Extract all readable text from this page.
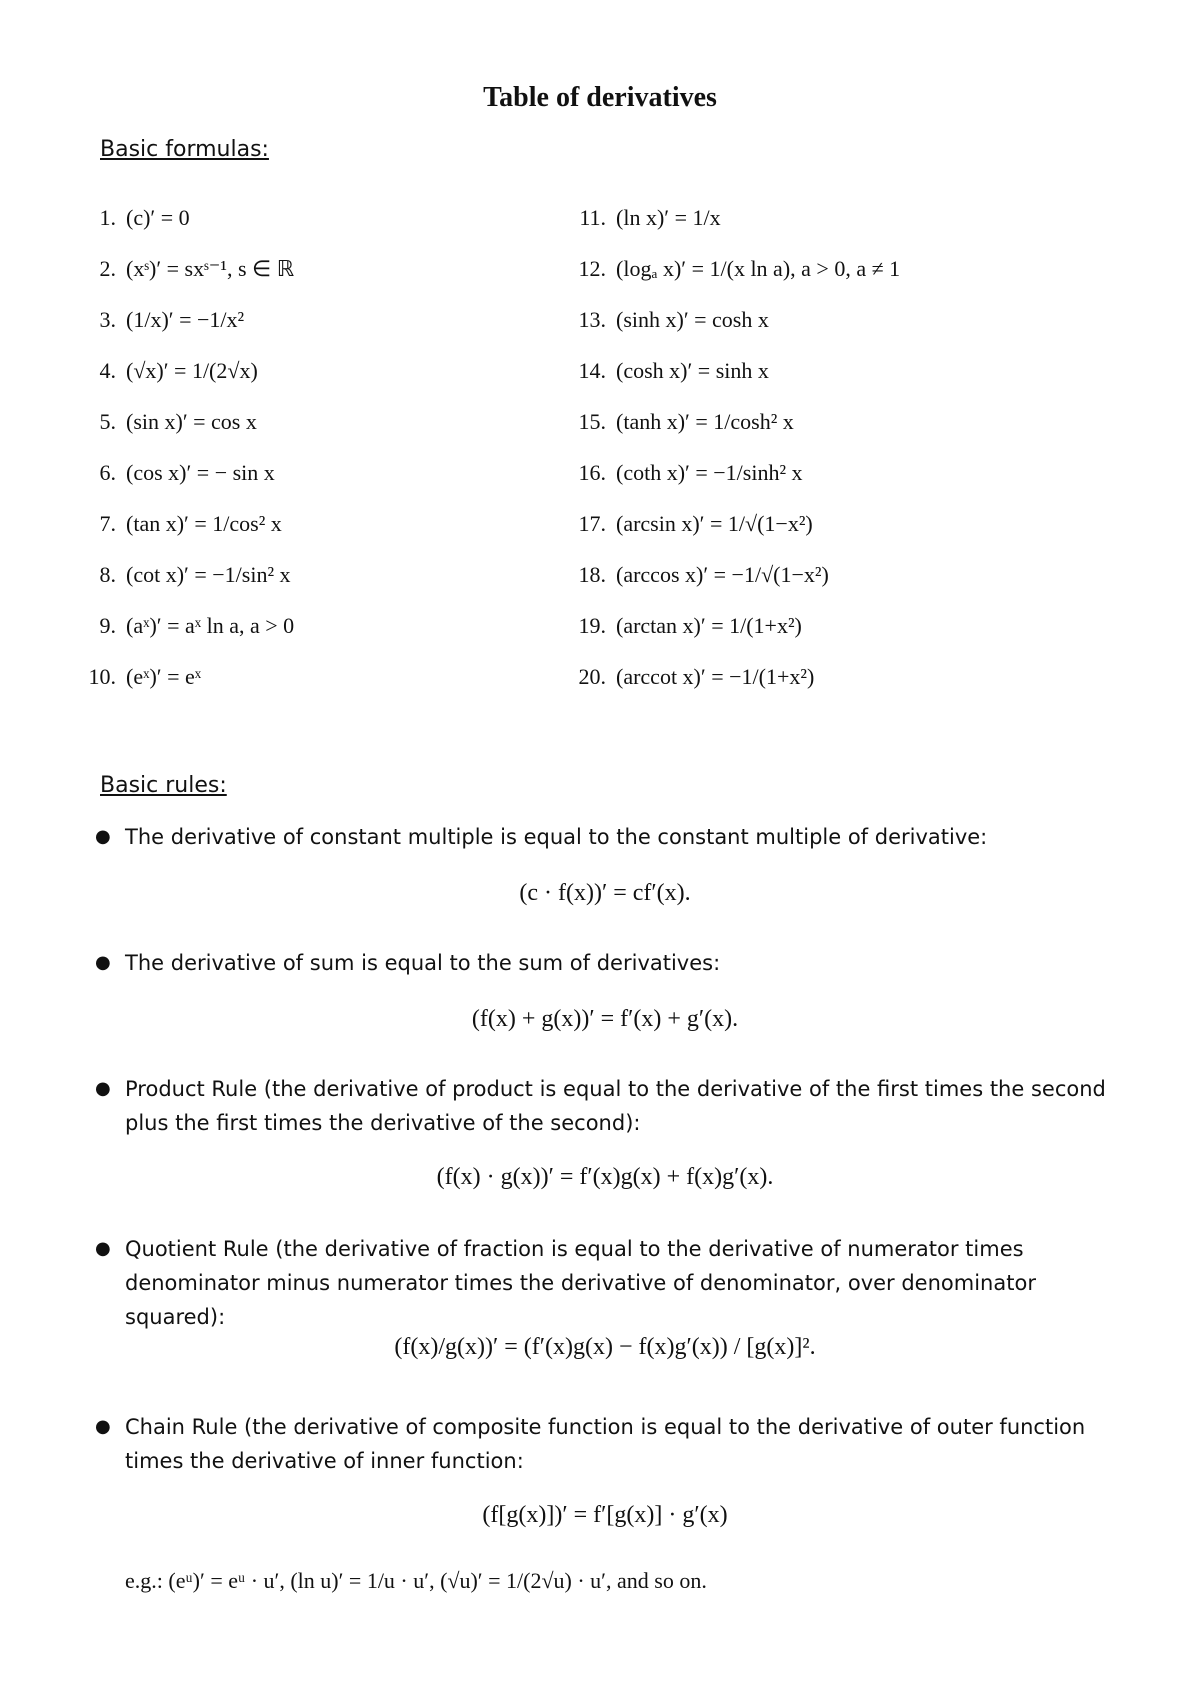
Table of derivatives
Basic formulas:
1. (c)′ = 0
2. (xˢ)′ = sxˢ⁻¹, s ∈ ℝ
3. (1/x)′ = −1/x²
4. (√x)′ = 1/(2√x)
5. (sin x)′ = cos x
6. (cos x)′ = − sin x
7. (tan x)′ = 1/cos² x
8. (cot x)′ = −1/sin² x
9. (aˣ)′ = aˣ ln a, a > 0
10. (eˣ)′ = eˣ
11. (ln x)′ = 1/x
12. (logₐ x)′ = 1/(x ln a), a > 0, a ≠ 1
13. (sinh x)′ = cosh x
14. (cosh x)′ = sinh x
15. (tanh x)′ = 1/cosh² x
16. (coth x)′ = −1/sinh² x
17. (arcsin x)′ = 1/√(1−x²)
18. (arccos x)′ = −1/√(1−x²)
19. (arctan x)′ = 1/(1+x²)
20. (arccot x)′ = −1/(1+x²)
Basic rules:
● The derivative of constant multiple is equal to the constant multiple of derivative:
(c · f(x))′ = cf′(x).
● The derivative of sum is equal to the sum of derivatives:
(f(x) + g(x))′ = f′(x) + g′(x).
● Product Rule (the derivative of product is equal to the derivative of the first times the second plus the first times the derivative of the second):
(f(x) · g(x))′ = f′(x)g(x) + f(x)g′(x).
● Quotient Rule (the derivative of fraction is equal to the derivative of numerator times denominator minus numerator times the derivative of denominator, over denominator squared):
(f(x)/g(x))′ = (f′(x)g(x) − f(x)g′(x)) / [g(x)]².
● Chain Rule (the derivative of composite function is equal to the derivative of outer function times the derivative of inner function:
(f[g(x)])′ = f′[g(x)] · g′(x)
e.g.: (eᵘ)′ = eᵘ · u′, (ln u)′ = 1/u · u′, (√u)′ = 1/(2√u) · u′, and so on.
